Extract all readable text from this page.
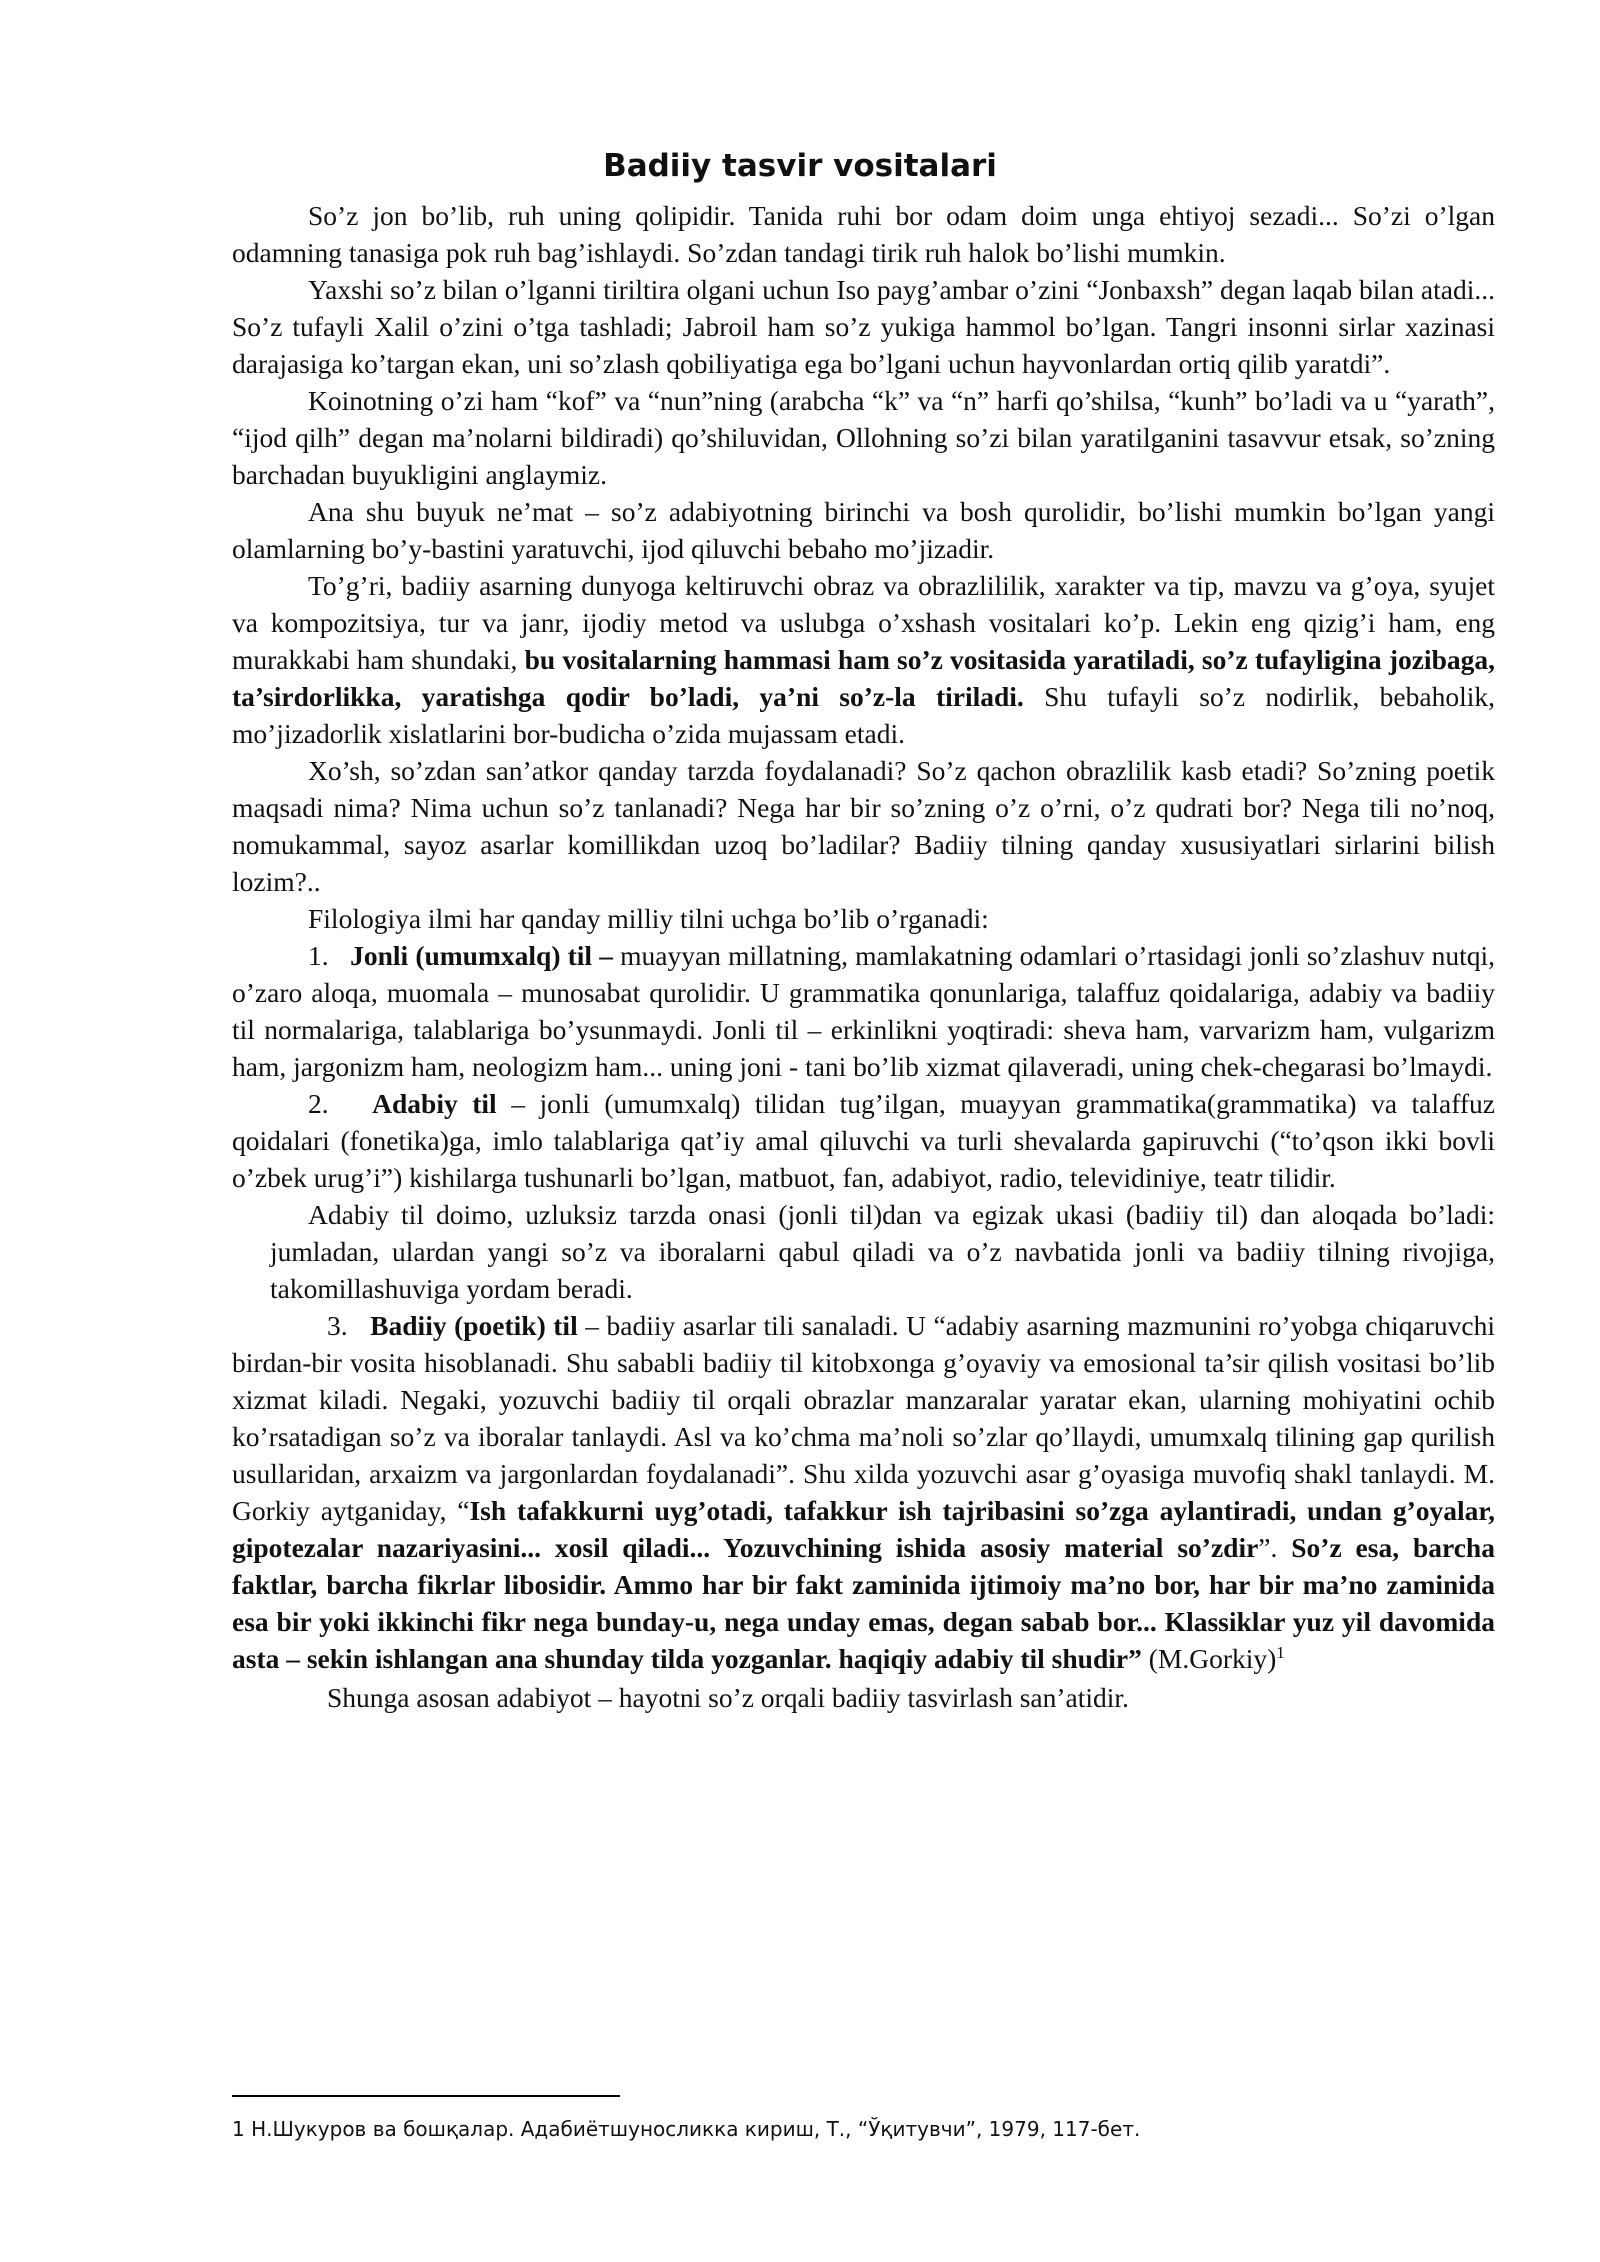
Badiiy tasvir vositalari

So’z jon bo’lib, ruh uning qolipidir. Tanida ruhi bor odam doim unga ehtiyoj sezadi... So’zi o’lgan odamning tanasiga pok ruh bag’ishlaydi. So’zdan tandagi tirik ruh halok bo’lishi mumkin.

Yaxshi so’z bilan o’lganni tiriltira olgani uchun Iso payg’ambar o’zini “Jonbaxsh” degan laqab bilan atadi... So’z tufayli Xalil o’zini o’tga tashladi; Jabroil ham so’z yukiga hammol bo’lgan. Tangri insonni sirlar xazinasi darajasiga ko’targan ekan, uni so’zlash qobiliyatiga ega bo’lgani uchun hayvonlardan ortiq qilib yaratdi”.

Koinotning o’zi ham “kof” va “nun”ning (arabcha “k” va “n” harfi qo’shilsa, “kunh” bo’ladi va u “yarath”, “ijod qilh” degan ma’nolarni bildiradi) qo’shiluvidan, Ollohning so’zi bilan yaratilganini tasavvur etsak, so’zning barchadan buyukligini anglaymiz.

Ana shu buyuk ne’mat – so’z adabiyotning birinchi va bosh qurolidir, bo’lishi mumkin bo’lgan yangi olamlarning bo’y-bastini yaratuvchi, ijod qiluvchi bebaho mo’jizadir.

To’g’ri, badiiy asarning dunyoga keltiruvchi obraz va obrazlililik, xarakter va tip, mavzu va g’oya, syujet va kompozitsiya, tur va janr, ijodiy metod va uslubga o’xshash vositalari ko’p. Lekin eng qizig’i ham, eng murakkabi ham shundaki, bu vositalarning hammasi ham so’z vositasida yaratiladi, so’z tufayligina jozibaga, ta’sirdorlikka, yaratishga qodir bo’ladi, ya’ni so’z-la tiriladi. Shu tufayli so’z nodirlik, bebaholik, mo’jizadorlik xislatlarini bor-budicha o’zida mujassam etadi.

Xo’sh, so’zdan san’atkor qanday tarzda foydalanadi? So’z qachon obrazlilik kasb etadi? So’zning poetik maqsadi nima? Nima uchun so’z tanlanadi? Nega har bir so’zning o’z o’rni, o’z qudrati bor? Nega tili no’noq, nomukammal, sayoz asarlar komillikdan uzoq bo’ladilar? Badiiy tilning qanday xususiyatlari sirlarini bilish lozim?..

Filologiya ilmi har qanday milliy tilni uchga bo’lib o’rganadi:

1. Jonli (umumxalq) til – muayyan millatning, mamlakatning odamlari o’rtasidagi jonli so’zlashuv nutqi, o’zaro aloqa, muomala – munosabat qurolidir. U grammatika qonunlariga, talaffuz qoidalariga, adabiy va badiiy til normalariga, talablariga bo’ysunmaydi. Jonli til – erkinlikni yoqtiradi: sheva ham, varvarizm ham, vulgarizm ham, jargonizm ham, neologizm ham... uning joni - tani bo’lib xizmat qilaveradi, uning chek-chegarasi bo’lmaydi.

2. Adabiy til – jonli (umumxalq) tilidan tug’ilgan, muayyan grammatika(grammatika) va talaffuz qoidalari (fonetika)ga, imlo talablariga qat’iy amal qiluvchi va turli shevalarda gapiruvchi (“to’qson ikki bovli o’zbek urug’i”) kishilarga tushunarli bo’lgan, matbuot, fan, adabiyot, radio, televidiniye, teatr tilidir.

Adabiy til doimo, uzluksiz tarzda onasi (jonli til)dan va egizak ukasi (badiiy til) dan aloqada bo’ladi: jumladan, ulardan yangi so’z va iboralarni qabul qiladi va o’z navbatida jonli va badiiy tilning rivojiga, takomillashuviga yordam beradi.

3. Badiiy (poetik) til – badiiy asarlar tili sanaladi. U “adabiy asarning mazmunini ro’yobga chiqaruvchi birdan-bir vosita hisoblanadi. Shu sababli badiiy til kitobxonga g’oyaviy va emosional ta’sir qilish vositasi bo’lib xizmat kiladi. Negaki, yozuvchi badiiy til orqali obrazlar manzaralar yaratar ekan, ularning mohiyatini ochib ko’rsatadigan so’z va iboralar tanlaydi. Asl va ko’chma ma’noli so’zlar qo’llaydi, umumxalq tilining gap qurilish usullaridan, arxaizm va jargonlardan foydalanadi”. Shu xilda yozuvchi asar g’oyasiga muvofiq shakl tanlaydi. M. Gorkiy aytganiday, “Ish tafakkurni uyg’otadi, tafakkur ish tajribasini so’zga aylantiradi, undan g’oyalar, gipotezalar nazariyasini... xosil qiladi... Yozuvchining ishida asosiy material so’zdir”. So’z esa, barcha faktlar, barcha fikrlar libosidir. Ammo har bir fakt zaminida ijtimoiy ma’no bor, har bir ma’no zaminida esa bir yoki ikkinchi fikr nega bunday-u, nega unday emas, degan sabab bor... Klassiklar yuz yil davomida asta – sekin ishlangan ana shunday tilda yozganlar. haqiqiy adabiy til shudir” (M.Gorkiy)$^1$

Shunga asosan adabiyot – hayotni so’z orqali badiiy tasvirlash san’atidir.

1 Н.Шукуров ва бошқалар. Адабиётшуносликка кириш, Т., “Ўқитувчи”, 1979, 117-бет.
